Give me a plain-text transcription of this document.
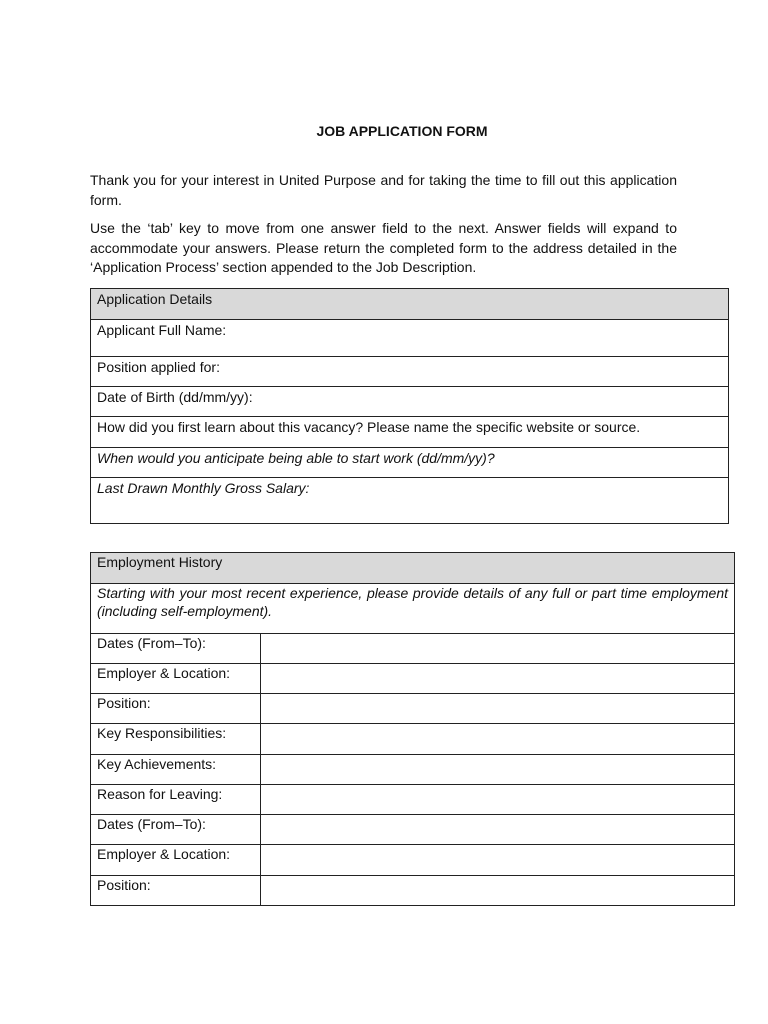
JOB APPLICATION FORM

Thank you for your interest in United Purpose and for taking the time to fill out this application form.

Use the ‘tab’ key to move from one answer field to the next. Answer fields will expand to accommodate your answers. Please return the completed form to the address detailed in the ‘Application Process’ section appended to the Job Description.

Application Details
Applicant Full Name:
Position applied for:
Date of Birth (dd/mm/yy):
How did you first learn about this vacancy? Please name the specific website or source.
When would you anticipate being able to start work (dd/mm/yy)?
Last Drawn Monthly Gross Salary:
Employment History	
Starting with your most recent experience, please provide details of any full or part time employment (including self-employment).	
Dates (From–To):	
Employer & Location:	
Position:	
Key Responsibilities:	
Key Achievements:	
Reason for Leaving:	
Dates (From–To):	
Employer & Location:	
Position:	
